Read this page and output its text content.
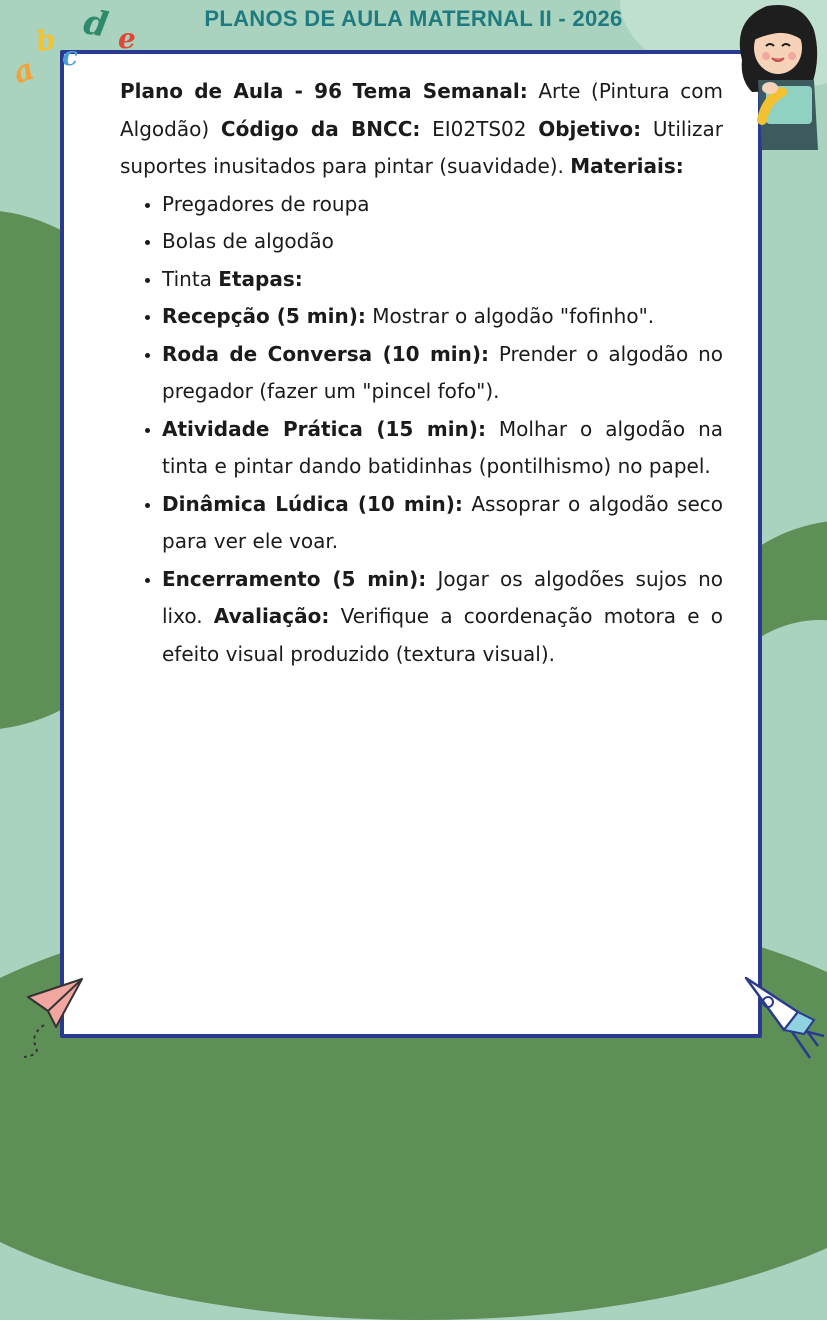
PLANOS DE AULA MATERNAL II - 2026
a
b c
d e

Plano de Aula - 96 Tema Semanal: Arte (Pintura com Algodão) Código da BNCC: EI02TS02 Objetivo: Utilizar suportes inusitados para pintar (suavidade). Materiais:

• Pregadores de roupa
• Bolas de algodão
• Tinta Etapas:
• Recepção (5 min): Mostrar o algodão "fofinho".
• Roda de Conversa (10 min): Prender o algodão no pregador (fazer um "pincel fofo").
• Atividade Prática (15 min): Molhar o algodão na tinta e pintar dando batidinhas (pontilhismo) no papel.
• Dinâmica Lúdica (10 min): Assoprar o algodão seco para ver ele voar.
• Encerramento (5 min): Jogar os algodões sujos no lixo. Avaliação: Verifique a coordenação motora e o efeito visual produzido (textura visual).
